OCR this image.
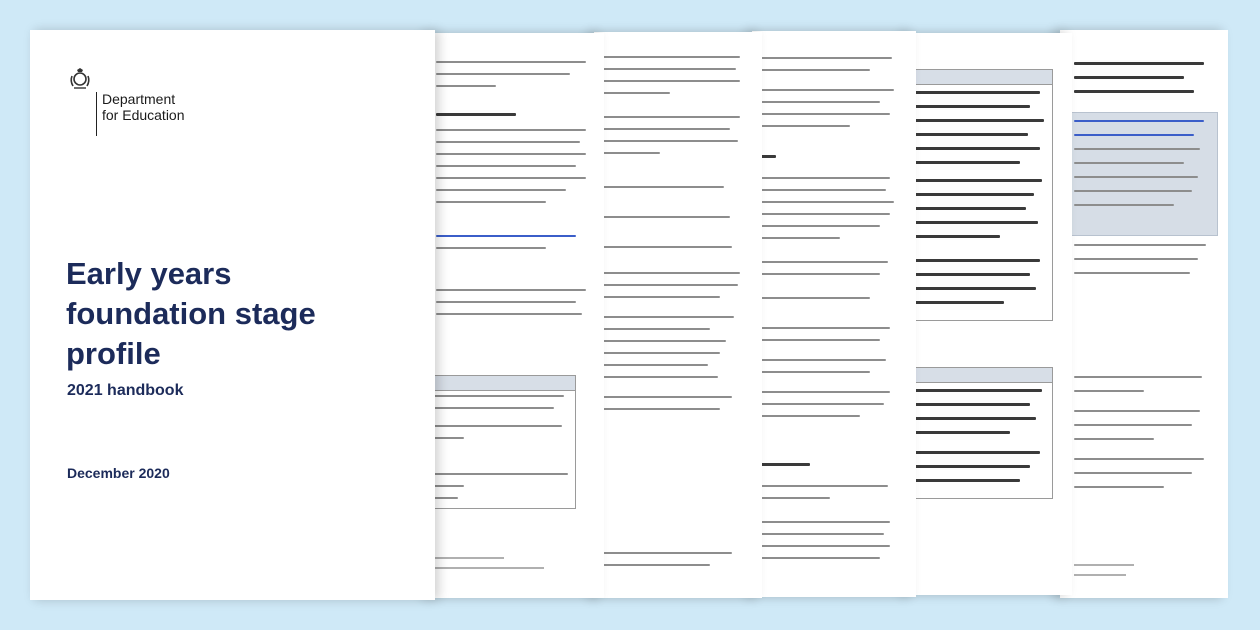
Department
for Education
Early years
foundation stage
profile
2021 handbook
December 2020
